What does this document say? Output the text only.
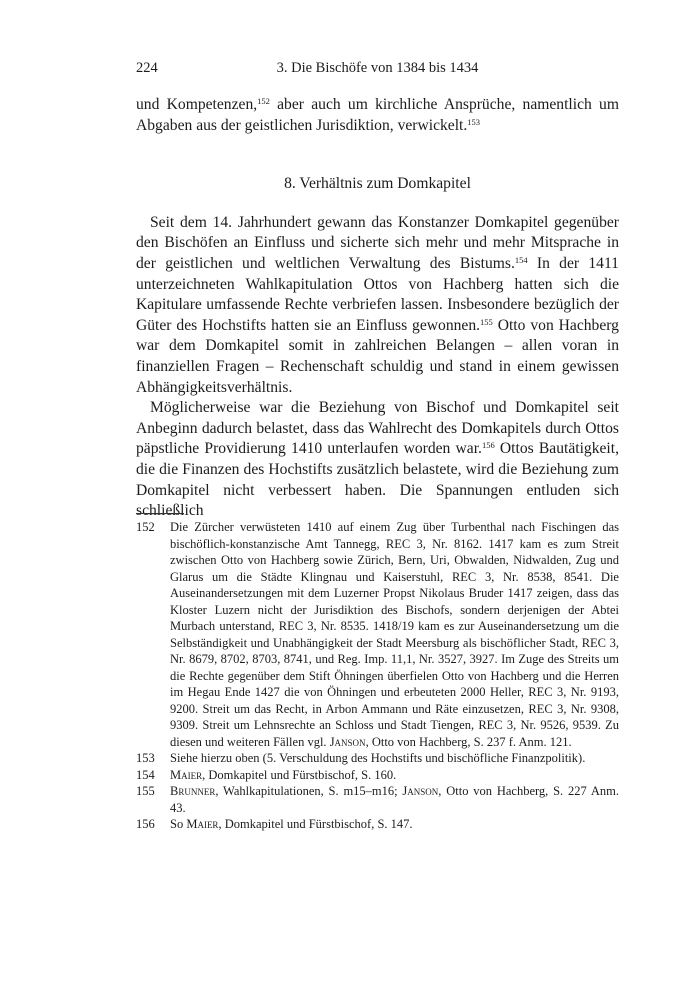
224	3. Die Bischöfe von 1384 bis 1434

und Kompetenzen,$^{152}$ aber auch um kirchliche Ansprüche, namentlich um Abgaben aus der geistlichen Jurisdiktion, verwickelt.$^{153}$

8. Verhältnis zum Domkapitel

Seit dem 14. Jahrhundert gewann das Konstanzer Domkapitel gegenüber den Bischöfen an Einfluss und sicherte sich mehr und mehr Mitsprache in der geistlichen und weltlichen Verwaltung des Bistums.$^{154}$ In der 1411 unterzeichneten Wahlkapitulation Ottos von Hachberg hatten sich die Kapitulare umfassende Rechte verbriefen lassen. Insbesondere bezüglich der Güter des Hochstifts hatten sie an Einfluss gewonnen.$^{155}$ Otto von Hachberg war dem Domkapitel somit in zahlreichen Belangen – allen voran in finanziellen Fragen – Rechenschaft schuldig und stand in einem gewissen Abhängigkeitsverhältnis.

Möglicherweise war die Beziehung von Bischof und Domkapitel seit Anbeginn dadurch belastet, dass das Wahlrecht des Domkapitels durch Ottos päpstliche Providierung 1410 unterlaufen worden war.$^{156}$ Ottos Bautätigkeit, die die Finanzen des Hochstifts zusätzlich belastete, wird die Beziehung zum Domkapitel nicht verbessert haben. Die Spannungen entluden sich schließlich

152 Die Zürcher verwüsteten 1410 auf einem Zug über Turbenthal nach Fischingen das bischöflich-konstanzische Amt Tannegg, REC 3, Nr. 8162. 1417 kam es zum Streit zwischen Otto von Hachberg sowie Zürich, Bern, Uri, Obwalden, Nidwalden, Zug und Glarus um die Städte Klingnau und Kaiserstuhl, REC 3, Nr. 8538, 8541. Die Auseinandersetzungen mit dem Luzerner Propst Nikolaus Bruder 1417 zeigen, dass das Kloster Luzern nicht der Jurisdiktion des Bischofs, sondern derjenigen der Abtei Murbach unterstand, REC 3, Nr. 8535. 1418/19 kam es zur Auseinandersetzung um die Selbständigkeit und Unabhängigkeit der Stadt Meersburg als bischöflicher Stadt, REC 3, Nr. 8679, 8702, 8703, 8741, und Reg. Imp. 11,1, Nr. 3527, 3927. Im Zuge des Streits um die Rechte gegenüber dem Stift Öhningen überfielen Otto von Hachberg und die Herren im Hegau Ende 1427 die von Öhningen und erbeuteten 2000 Heller, REC 3, Nr. 9193, 9200. Streit um das Recht, in Arbon Ammann und Räte einzusetzen, REC 3, Nr. 9308, 9309. Streit um Lehnsrechte an Schloss und Stadt Tiengen, REC 3, Nr. 9526, 9539. Zu diesen und weiteren Fällen vgl. Janson, Otto von Hachberg, S. 237 f. Anm. 121.
153 Siehe hierzu oben (5. Verschuldung des Hochstifts und bischöfliche Finanzpolitik).
154 Maier, Domkapitel und Fürstbischof, S. 160.
155 Brunner, Wahlkapitulationen, S. m15–m16; Janson, Otto von Hachberg, S. 227 Anm. 43.
156 So Maier, Domkapitel und Fürstbischof, S. 147.
